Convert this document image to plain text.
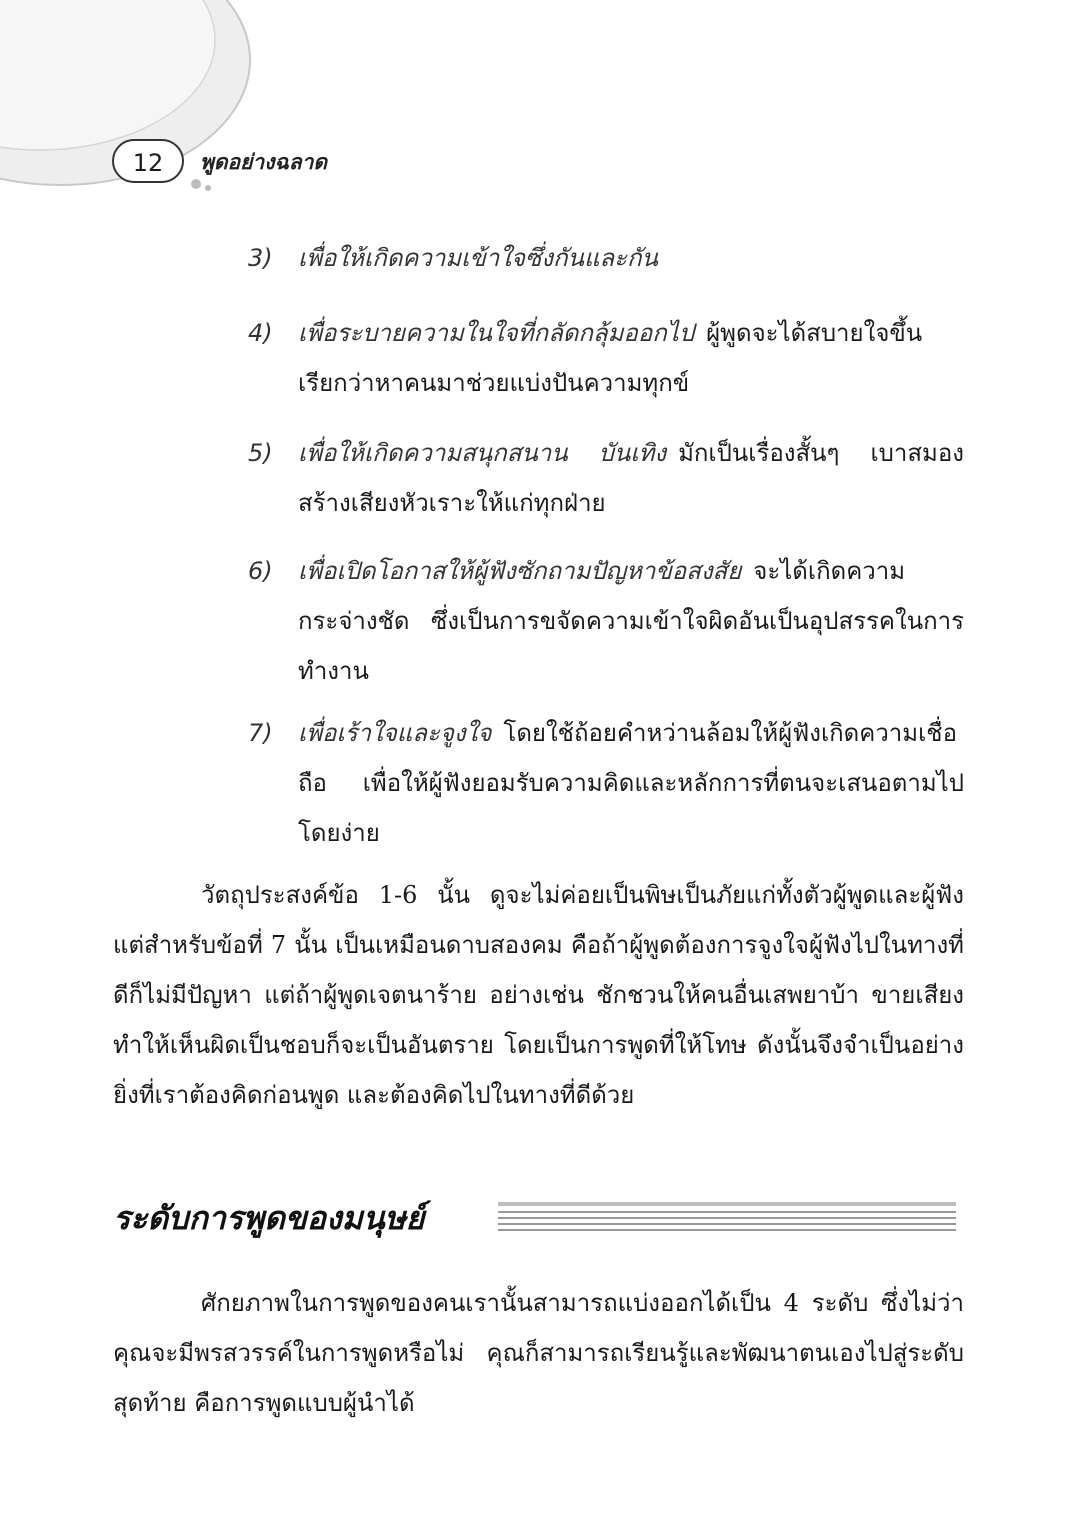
12	พูดอย่างฉลาด
3)	เพื่อให้เกิดความเข้าใจซึ่งกันและกัน
4)	เพื่อระบายความในใจที่กลัดกลุ้มออกไป ผู้พูดจะได้สบายใจขึ้น เรียกว่าหาคนมาช่วยแบ่งปันความทุกข์
5)	เพื่อให้เกิดความสนุกสนาน บันเทิง มักเป็นเรื่องสั้นๆ เบาสมอง สร้างเสียงหัวเราะให้แก่ทุกฝ่าย
6)	เพื่อเปิดโอกาสให้ผู้ฟังซักถามปัญหาข้อสงสัย จะได้เกิดความกระจ่างชัด ซึ่งเป็นการขจัดความเข้าใจผิดอันเป็นอุปสรรคในการทำงาน
7)	เพื่อเร้าใจและจูงใจ โดยใช้ถ้อยคำหว่านล้อมให้ผู้ฟังเกิดความเชื่อถือ เพื่อให้ผู้ฟังยอมรับความคิดและหลักการที่ตนจะเสนอตามไปโดยง่าย
วัตถุประสงค์ข้อ 1-6 นั้น ดูจะไม่ค่อยเป็นพิษเป็นภัยแก่ทั้งตัวผู้พูดและผู้ฟัง แต่สำหรับข้อที่ 7 นั้น เป็นเหมือนดาบสองคม คือถ้าผู้พูดต้องการจูงใจผู้ฟังไปในทางที่ดีก็ไม่มีปัญหา แต่ถ้าผู้พูดเจตนาร้าย อย่างเช่น ชักชวนให้คนอื่นเสพยาบ้า ขายเสียง ทำให้เห็นผิดเป็นชอบก็จะเป็นอันตราย โดยเป็นการพูดที่ให้โทษ ดังนั้นจึงจำเป็นอย่างยิ่งที่เราต้องคิดก่อนพูด และต้องคิดไปในทางที่ดีด้วย
ระดับการพูดของมนุษย์
ศักยภาพในการพูดของคนเรานั้นสามารถแบ่งออกได้เป็น 4 ระดับ ซึ่งไม่ว่าคุณจะมีพรสวรรค์ในการพูดหรือไม่ คุณก็สามารถเรียนรู้และพัฒนาตนเองไปสู่ระดับสุดท้าย คือการพูดแบบผู้นำได้
